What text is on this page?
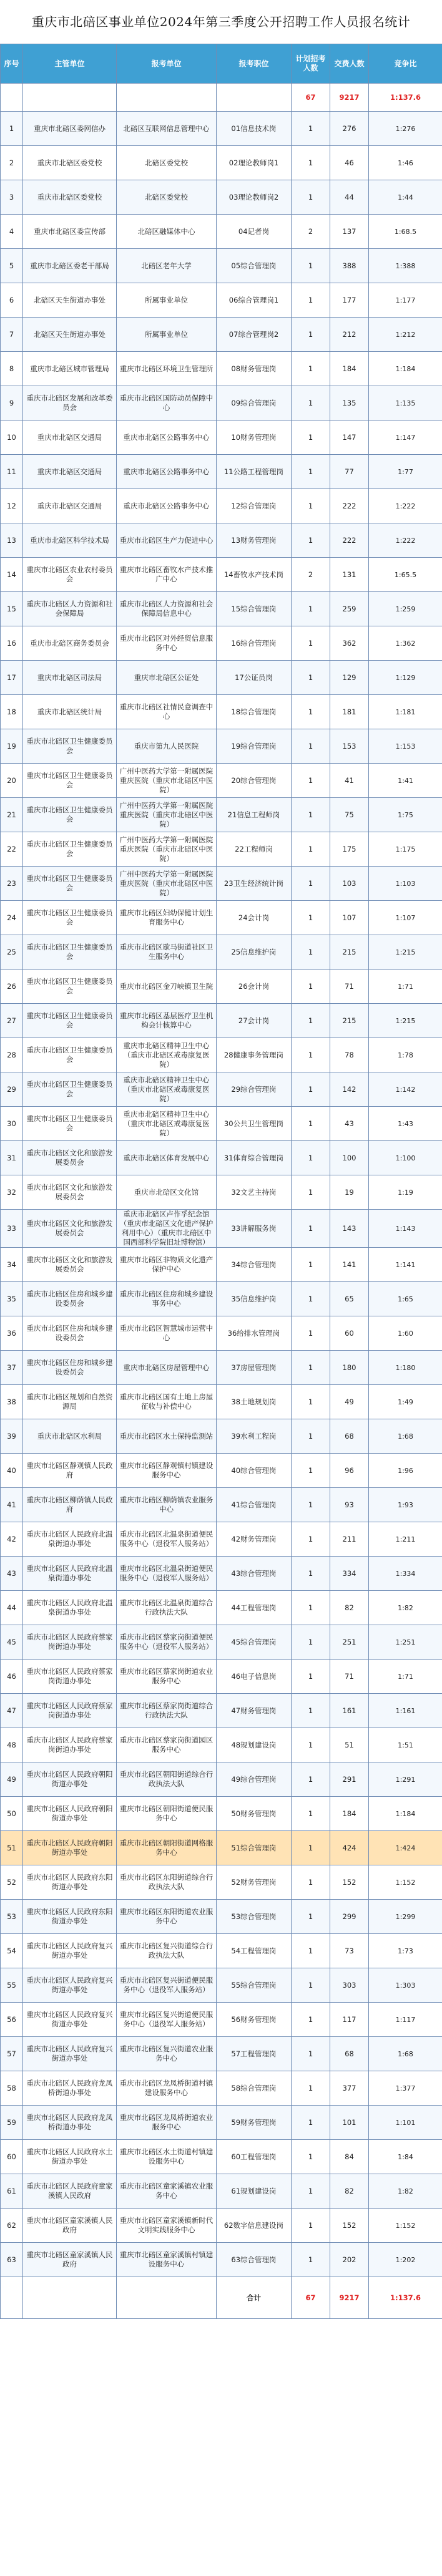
重庆市北碚区事业单位2024年第三季度公开招聘工作人员报名统计
序号	主管单位	报考单位	报考职位	计划招考人数	交费人数	竞争比
				67	9217	1:137.6
1	重庆市北碚区委网信办	北碚区互联网信息管理中心	01信息技术岗	1	276	1:276
2	重庆市北碚区委党校	北碚区委党校	02理论教师岗1	1	46	1:46
3	重庆市北碚区委党校	北碚区委党校	03理论教师岗2	1	44	1:44
4	重庆市北碚区委宣传部	北碚区融媒体中心	04记者岗	2	137	1:68.5
5	重庆市北碚区委老干部局	北碚区老年大学	05综合管理岗	1	388	1:388
6	北碚区天生街道办事处	所属事业单位	06综合管理岗1	1	177	1:177
7	北碚区天生街道办事处	所属事业单位	07综合管理岗2	1	212	1:212
8	重庆市北碚区城市管理局	重庆市北碚区环境卫生管理所	08财务管理岗	1	184	1:184
9	重庆市北碚区发展和改革委员会	重庆市北碚区国防动员保障中心	09综合管理岗	1	135	1:135
10	重庆市北碚区交通局	重庆市北碚区公路事务中心	10财务管理岗	1	147	1:147
11	重庆市北碚区交通局	重庆市北碚区公路事务中心	11公路工程管理岗	1	77	1:77
12	重庆市北碚区交通局	重庆市北碚区公路事务中心	12综合管理岗	1	222	1:222
13	重庆市北碚区科学技术局	重庆市北碚区生产力促进中心	13财务管理岗	1	222	1:222
14	重庆市北碚区农业农村委员会	重庆市北碚区畜牧水产技术推广中心	14畜牧水产技术岗	2	131	1:65.5
15	重庆市北碚区人力资源和社会保障局	重庆市北碚区人力资源和社会保障局信息中心	15综合管理岗	1	259	1:259
16	重庆市北碚区商务委员会	重庆市北碚区对外经贸信息服务中心	16综合管理岗	1	362	1:362
17	重庆市北碚区司法局	重庆市北碚区公证处	17公证员岗	1	129	1:129
18	重庆市北碚区统计局	重庆市北碚区社情民意调查中心	18综合管理岗	1	181	1:181
19	重庆市北碚区卫生健康委员会	重庆市第九人民医院	19综合管理岗	1	153	1:153
20	重庆市北碚区卫生健康委员会	广州中医药大学第一附属医院重庆医院（重庆市北碚区中医院）	20综合管理岗	1	41	1:41
21	重庆市北碚区卫生健康委员会	广州中医药大学第一附属医院重庆医院（重庆市北碚区中医院）	21信息工程师岗	1	75	1:75
22	重庆市北碚区卫生健康委员会	广州中医药大学第一附属医院重庆医院（重庆市北碚区中医院）	22工程师岗	1	175	1:175
23	重庆市北碚区卫生健康委员会	广州中医药大学第一附属医院重庆医院（重庆市北碚区中医院）	23卫生经济统计岗	1	103	1:103
24	重庆市北碚区卫生健康委员会	重庆市北碚区妇幼保健计划生育服务中心	24会计岗	1	107	1:107
25	重庆市北碚区卫生健康委员会	重庆市北碚区歇马街道社区卫生服务中心	25信息维护岗	1	215	1:215
26	重庆市北碚区卫生健康委员会	重庆市北碚区金刀峡镇卫生院	26会计岗	1	71	1:71
27	重庆市北碚区卫生健康委员会	重庆市北碚区基层医疗卫生机构会计核算中心	27会计岗	1	215	1:215
28	重庆市北碚区卫生健康委员会	重庆市北碚区精神卫生中心（重庆市北碚区戒毒康复医院）	28健康事务管理岗	1	78	1:78
29	重庆市北碚区卫生健康委员会	重庆市北碚区精神卫生中心（重庆市北碚区戒毒康复医院）	29综合管理岗	1	142	1:142
30	重庆市北碚区卫生健康委员会	重庆市北碚区精神卫生中心（重庆市北碚区戒毒康复医院）	30公共卫生管理岗	1	43	1:43
31	重庆市北碚区文化和旅游发展委员会	重庆市北碚区体育发展中心	31体育综合管理岗	1	100	1:100
32	重庆市北碚区文化和旅游发展委员会	重庆市北碚区文化馆	32文艺主持岗	1	19	1:19
33	重庆市北碚区文化和旅游发展委员会	重庆市北碚区卢作孚纪念馆（重庆市北碚区文化遗产保护利用中心）（重庆市北碚区中国西部科学院旧址博物馆）	33讲解服务岗	1	143	1:143
34	重庆市北碚区文化和旅游发展委员会	重庆市北碚区非物质文化遗产保护中心	34综合管理岗	1	141	1:141
35	重庆市北碚区住房和城乡建设委员会	重庆市北碚区住房和城乡建设事务中心	35信息维护岗	1	65	1:65
36	重庆市北碚区住房和城乡建设委员会	重庆市北碚区智慧城市运营中心	36给排水管理岗	1	60	1:60
37	重庆市北碚区住房和城乡建设委员会	重庆市北碚区房屋管理中心	37房屋管理岗	1	180	1:180
38	重庆市北碚区规划和自然资源局	重庆市北碚区国有土地上房屋征收与补偿中心	38土地规划岗	1	49	1:49
39	重庆市北碚区水利局	重庆市北碚区水土保持监测站	39水利工程岗	1	68	1:68
40	重庆市北碚区静观镇人民政府	重庆市北碚区静观镇村镇建设服务中心	40综合管理岗	1	96	1:96
41	重庆市北碚区柳荫镇人民政府	重庆市北碚区柳荫镇农业服务中心	41综合管理岗	1	93	1:93
42	重庆市北碚区人民政府北温泉街道办事处	重庆市北碚区北温泉街道便民服务中心（退役军人服务站）	42财务管理岗	1	211	1:211
43	重庆市北碚区人民政府北温泉街道办事处	重庆市北碚区北温泉街道便民服务中心（退役军人服务站）	43综合管理岗	1	334	1:334
44	重庆市北碚区人民政府北温泉街道办事处	重庆市北碚区北温泉街道综合行政执法大队	44工程管理岗	1	82	1:82
45	重庆市北碚区人民政府蔡家岗街道办事处	重庆市北碚区蔡家岗街道便民服务中心（退役军人服务站）	45综合管理岗	1	251	1:251
46	重庆市北碚区人民政府蔡家岗街道办事处	重庆市北碚区蔡家岗街道农业服务中心	46电子信息岗	1	71	1:71
47	重庆市北碚区人民政府蔡家岗街道办事处	重庆市北碚区蔡家岗街道综合行政执法大队	47财务管理岗	1	161	1:161
48	重庆市北碚区人民政府蔡家岗街道办事处	重庆市北碚区蔡家岗街道园区服务中心	48规划建设岗	1	51	1:51
49	重庆市北碚区人民政府朝阳街道办事处	重庆市北碚区朝阳街道综合行政执法大队	49综合管理岗	1	291	1:291
50	重庆市北碚区人民政府朝阳街道办事处	重庆市北碚区朝阳街道便民服务中心	50财务管理岗	1	184	1:184
51	重庆市北碚区人民政府朝阳街道办事处	重庆市北碚区朝阳街道网格服务中心	51综合管理岗	1	424	1:424
52	重庆市北碚区人民政府东阳街道办事处	重庆市北碚区东阳街道综合行政执法大队	52财务管理岗	1	152	1:152
53	重庆市北碚区人民政府东阳街道办事处	重庆市北碚区东阳街道农业服务中心	53综合管理岗	1	299	1:299
54	重庆市北碚区人民政府复兴街道办事处	重庆市北碚区复兴街道综合行政执法大队	54工程管理岗	1	73	1:73
55	重庆市北碚区人民政府复兴街道办事处	重庆市北碚区复兴街道便民服务中心（退役军人服务站）	55综合管理岗	1	303	1:303
56	重庆市北碚区人民政府复兴街道办事处	重庆市北碚区复兴街道便民服务中心（退役军人服务站）	56财务管理岗	1	117	1:117
57	重庆市北碚区人民政府复兴街道办事处	重庆市北碚区复兴街道农业服务中心	57工程管理岗	1	68	1:68
58	重庆市北碚区人民政府龙凤桥街道办事处	重庆市北碚区龙凤桥街道村镇建设服务中心	58综合管理岗	1	377	1:377
59	重庆市北碚区人民政府龙凤桥街道办事处	重庆市北碚区龙凤桥街道农业服务中心	59财务管理岗	1	101	1:101
60	重庆市北碚区人民政府水土街道办事处	重庆市北碚区水土街道村镇建设服务中心	60工程管理岗	1	84	1:84
61	重庆市北碚区人民政府童家溪镇人民政府	重庆市北碚区童家溪镇农业服务中心	61规划建设岗	1	82	1:82
62	重庆市北碚区童家溪镇人民政府	重庆市北碚区童家溪镇新时代文明实践服务中心	62数字信息建设岗	1	152	1:152
63	重庆市北碚区童家溪镇人民政府	重庆市北碚区童家溪镇村镇建设服务中心	63综合管理岗	1	202	1:202
			合计	67	9217	1:137.6
